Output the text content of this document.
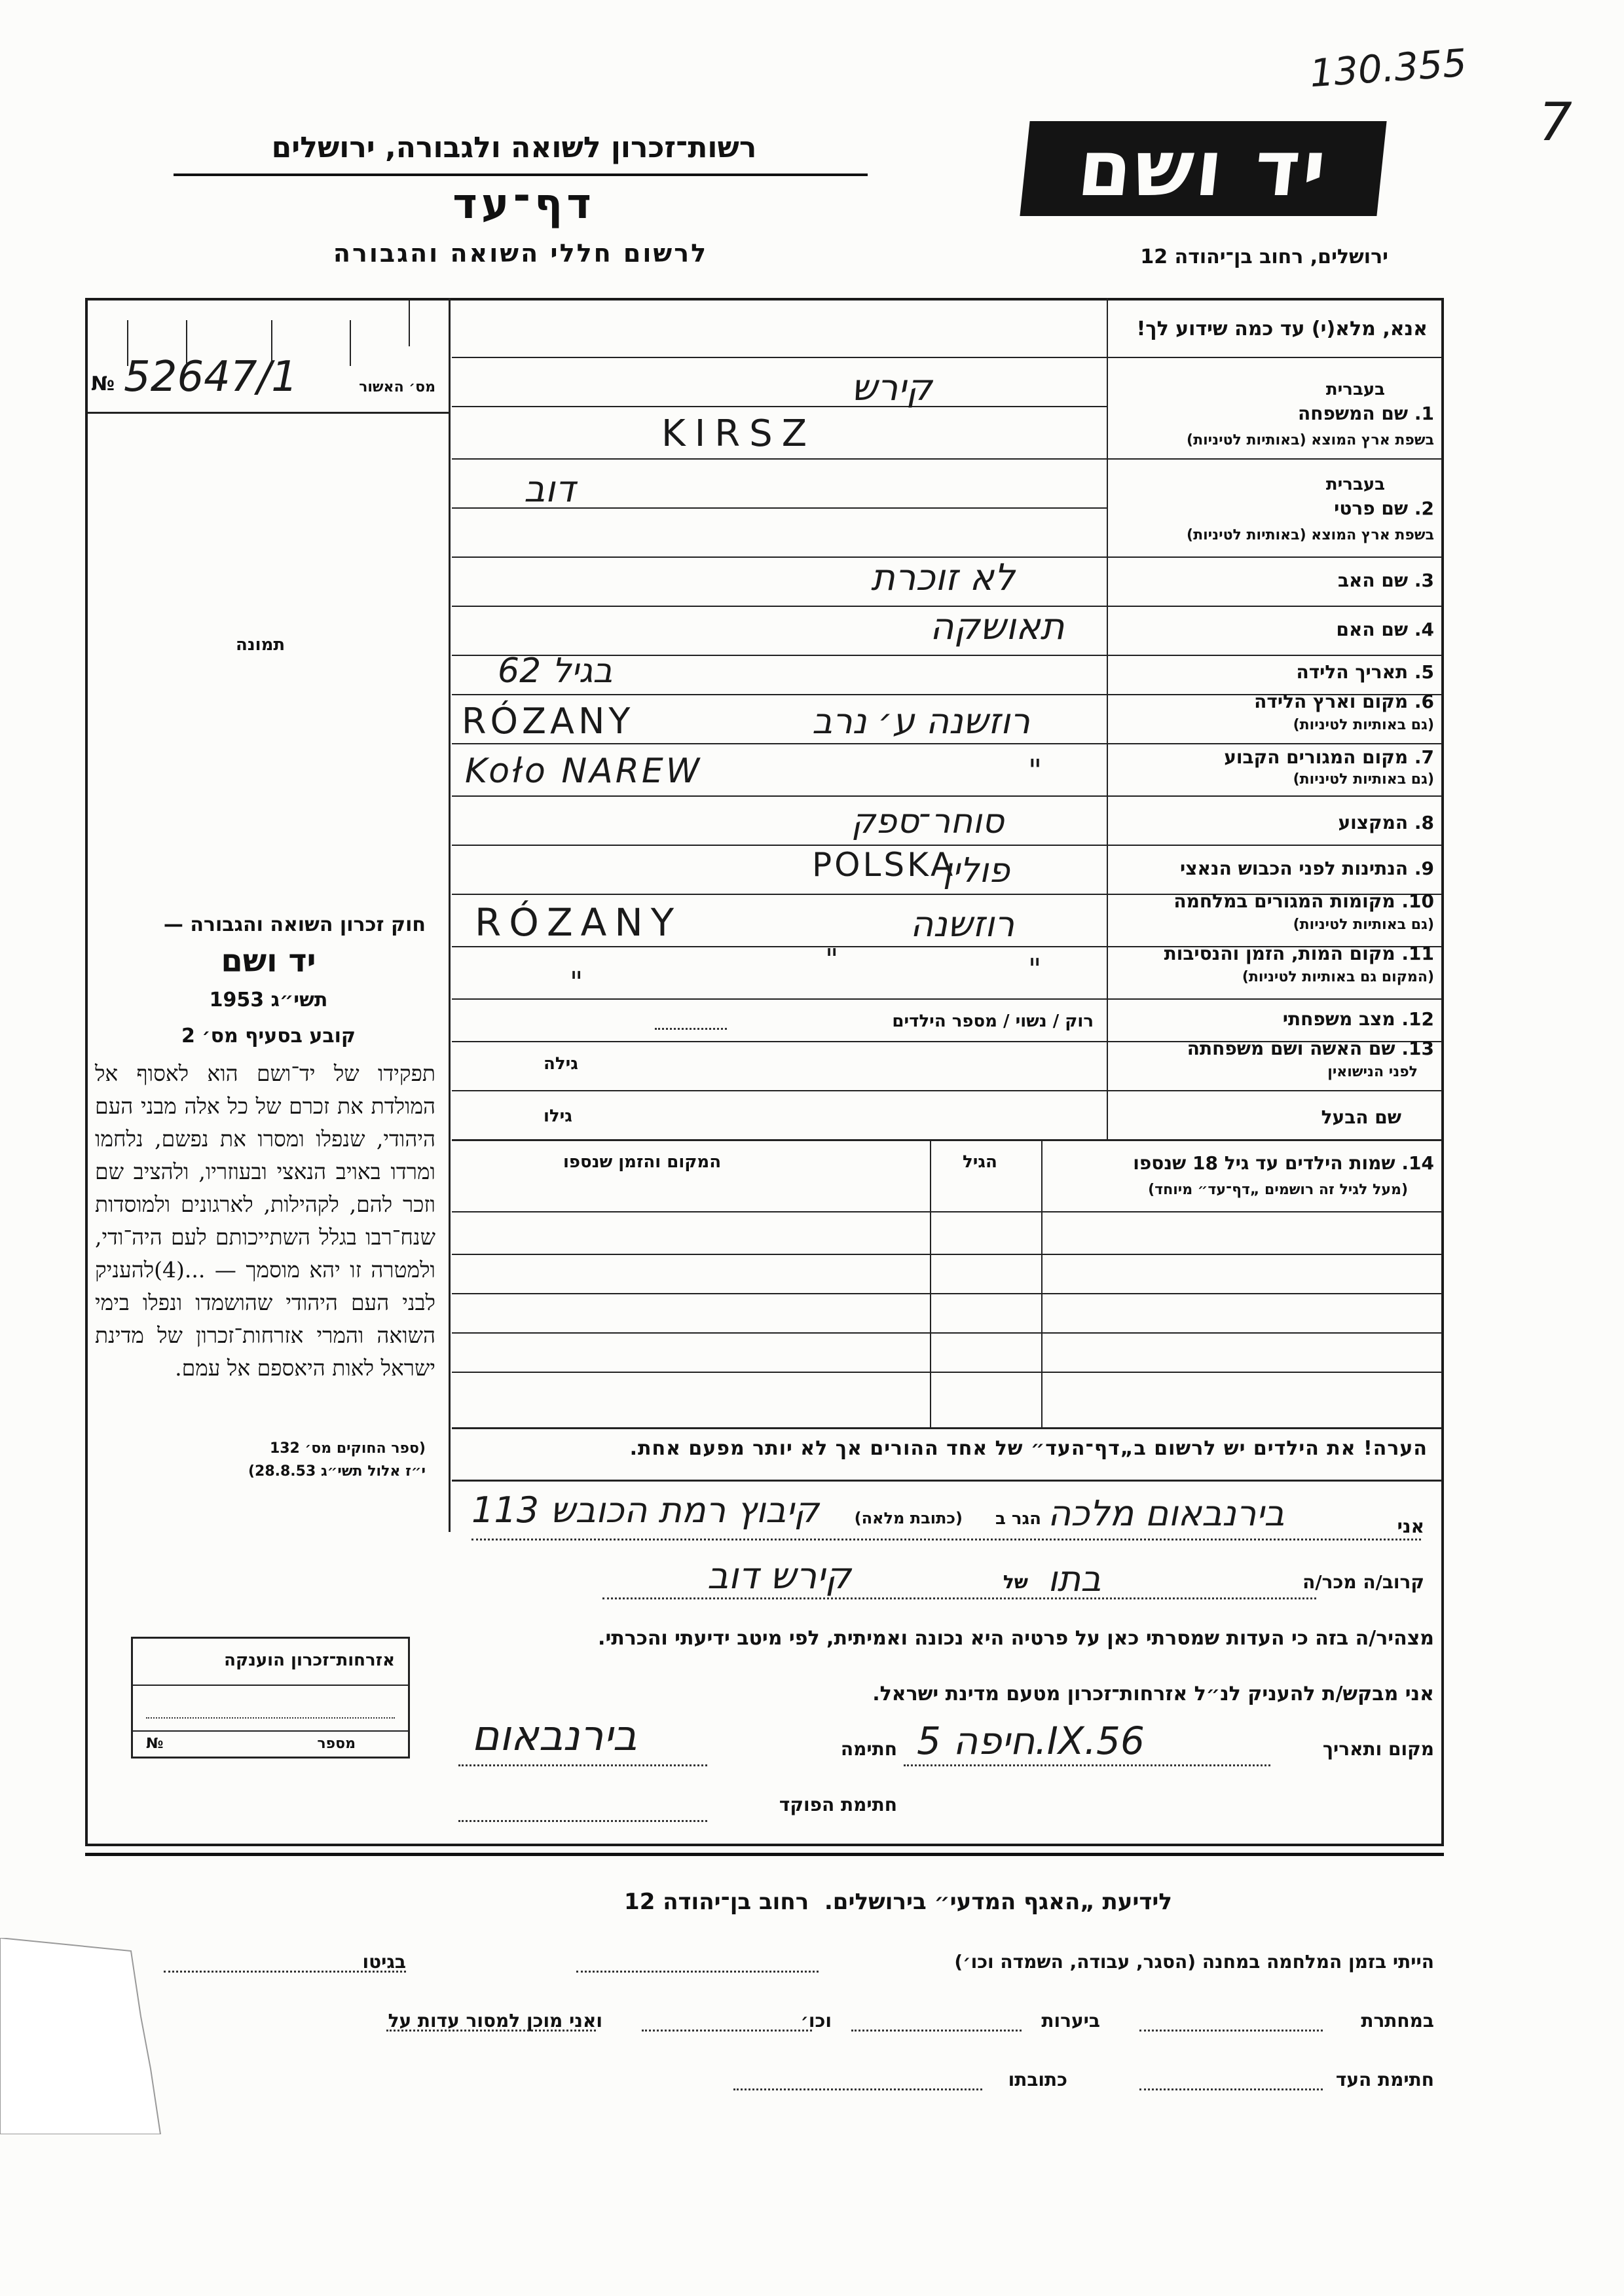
130.355
7
יד ושם
רשות־זכרון לשואה ולגבורה, ירושלים
דף־עד
לרשום חללי השואה והגבורה	ירושלים, רחוב בן־יהודה 12
אנא, מלא(י) עד כמה שידוע לך!
52647/1
№	מס׳ האשור
תמונה
בעברית
1. שם המשפחה
בשפת ארץ המוצא (באותיות לטיניות)
קירש
KIRSZ
בעברית
2. שם פרטי
בשפת ארץ המוצא (באותיות לטיניות)
דוב
3. שם האב
לא זוכרת
4. שם האם
תאושקה
5. תאריך הלידה
בגיל 62
6. מקום וארץ הלידה
(גם באותיות לטיניות)
RÓZANY	רוזשנה ע׳ נרב
7. מקום המגורים הקבוע
(גם באותיות לטיניות)
Koło NAREW	"
8. המקצוע
סוחר־ספק
9. הנתינות לפני הכבוש הנאצי
POLSKA
פולין
10. מקומות המגורים במלחמה
(גם באותיות לטיניות)
RÓZANY	רוזשנה
11. מקום המות, הזמן והנסיבות
(המקום גם באותיות לטיניות)
"	"
"
12. מצב משפחתי
רוק / נשוי / מספר הילדים
13. שם האשה ושם משפחתה
לפני הנישואין
גילה
שם הבעל
גילו
14. שמות הילדים עד גיל 18 שנספו
(מעל לגיל זה רושמים „דף־עד״ מיוחד)
הגיל
המקום והזמן שנספו
הערה! את הילדים יש לרשום ב„דף־העד״ של אחד ההורים אך לא יותר מפעם אחת.
חוק זכרון השואה והגבורה —
יד ושם
תשי״ג 1953
קובע בסעיף מס׳ 2
תפקידו של יד־ושם הוא לאסוף אל המולדת את זכרם של כל אלה מבני העם היהודי, שנפלו ומסרו את נפשם, נלחמו ומרדו באויב הנאצי ובעוזריו, ולהציב שם וזכר להם, לקהילות, לארגונים ולמוסדות שנח־רבו בגלל השתייכותם לעם היה־ודי, ולמטרה זו יהא מוסמך — ...(4)להעניק לבני העם היהודי שהושמדו ונפלו בימי השואה והמרי אזרחות־זכרון של מדינת ישראל לאות היאספם אל עמם.
(ספר החוקים מס׳ 132
י״ז אלול תשי״ג 28.8.53)
אזרחות־זכרון הוענקה
מספר
№
אני
בירנבאום מלכה
הגר ב
(כתובת מלאה)
קיבוץ רמת הכובש 113
קרוב/ה מכר/ה
בתו
של
קירש דוב
מצהיר/ה בזה כי העדות שמסרתי כאן על פרטיה היא נכונה ואמיתית, לפי מיטב ידיעתי והכרתי.
אני מבקש/ת להעניק לנ״ל אזרחות־זכרון מטעם מדינת ישראל.
מקום ותאריך
חיפה 5.IX.56
חתימה
בירנבאום
חתימת הפוקד
לידיעת „האגף המדעי״ בירושלים.  רחוב בן־יהודה 12
הייתי בזמן המלחמה במחנה (הסגר, עבודה, השמדה וכו׳)
בגיטו
במחתרת
ביערות
וכו׳
ואני מוכן למסור עדות על
חתימת העד
כתובתו
